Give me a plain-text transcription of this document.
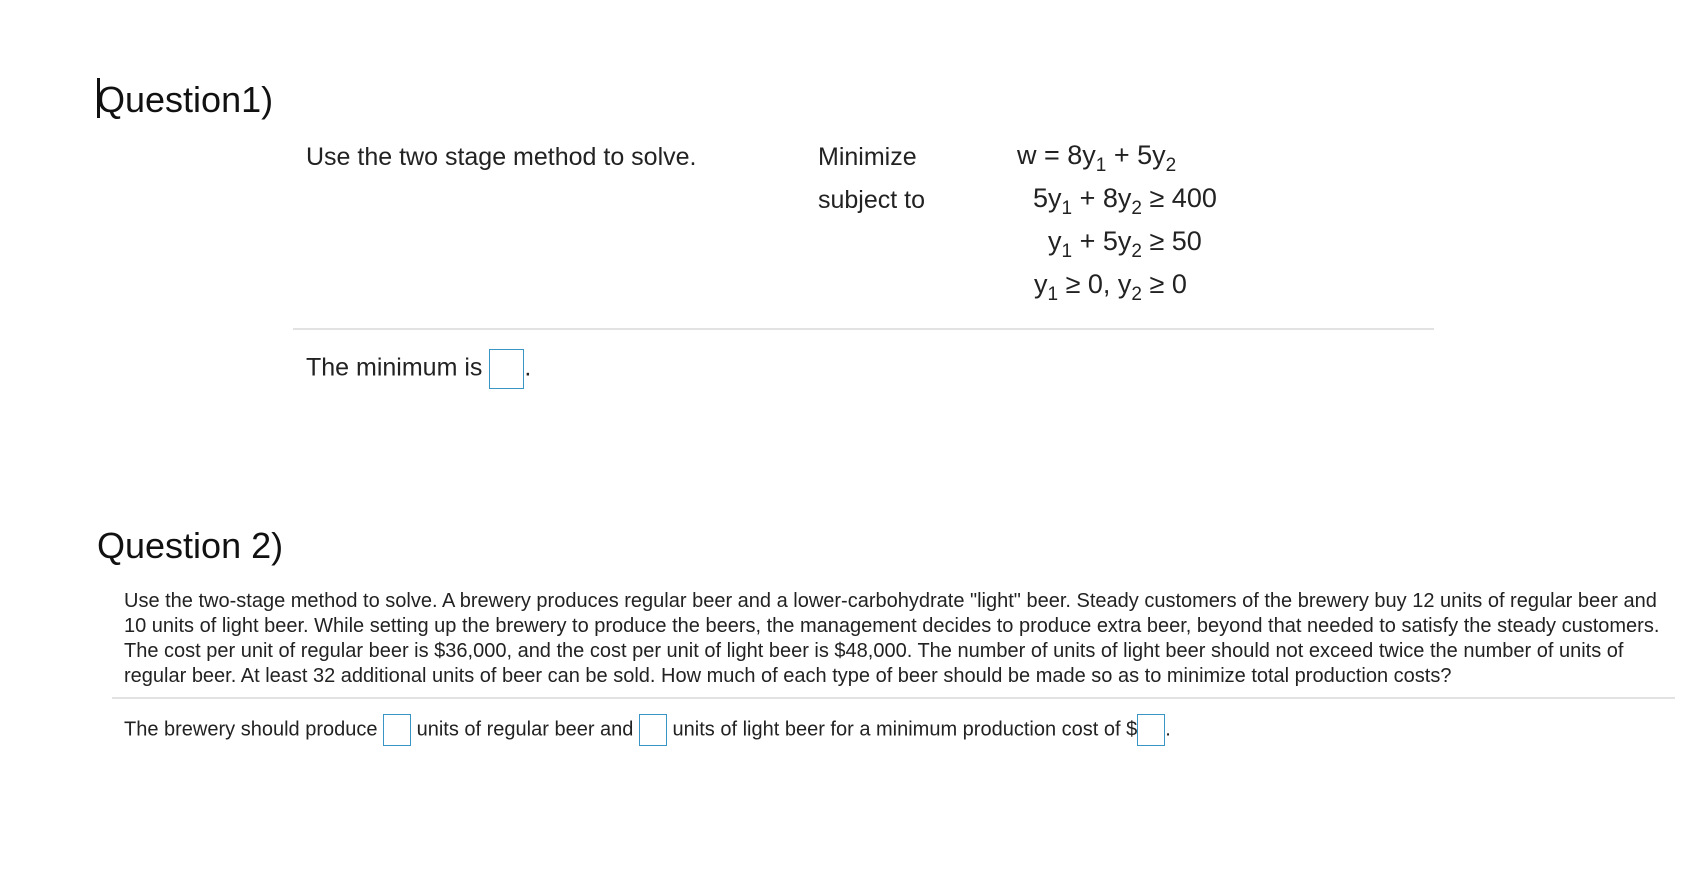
Question1)
Use the two stage method to solve.	Minimize
subject to
$w = 8y_1 + 5y_2$
$5y_1 + 8y_2 \ge 400$
$y_1 + 5y_2 \ge 50$
$y_1 \ge 0$, $y_2 \ge 0$
The minimum is .
Question 2)
Use the two-stage method to solve. A brewery produces regular beer and a lower-carbohydrate "light" beer. Steady customers of the brewery buy 12 units of regular beer and 10 units of light beer. While setting up the brewery to produce the beers, the management decides to produce extra beer, beyond that needed to satisfy the steady customers. The cost per unit of regular beer is $36,000, and the cost per unit of light beer is $48,000. The number of units of light beer should not exceed twice the number of units of regular beer. At least 32 additional units of beer can be sold. How much of each type of beer should be made so as to minimize total production costs?
The brewery should produce units of regular beer and units of light beer for a minimum production cost of $ .
